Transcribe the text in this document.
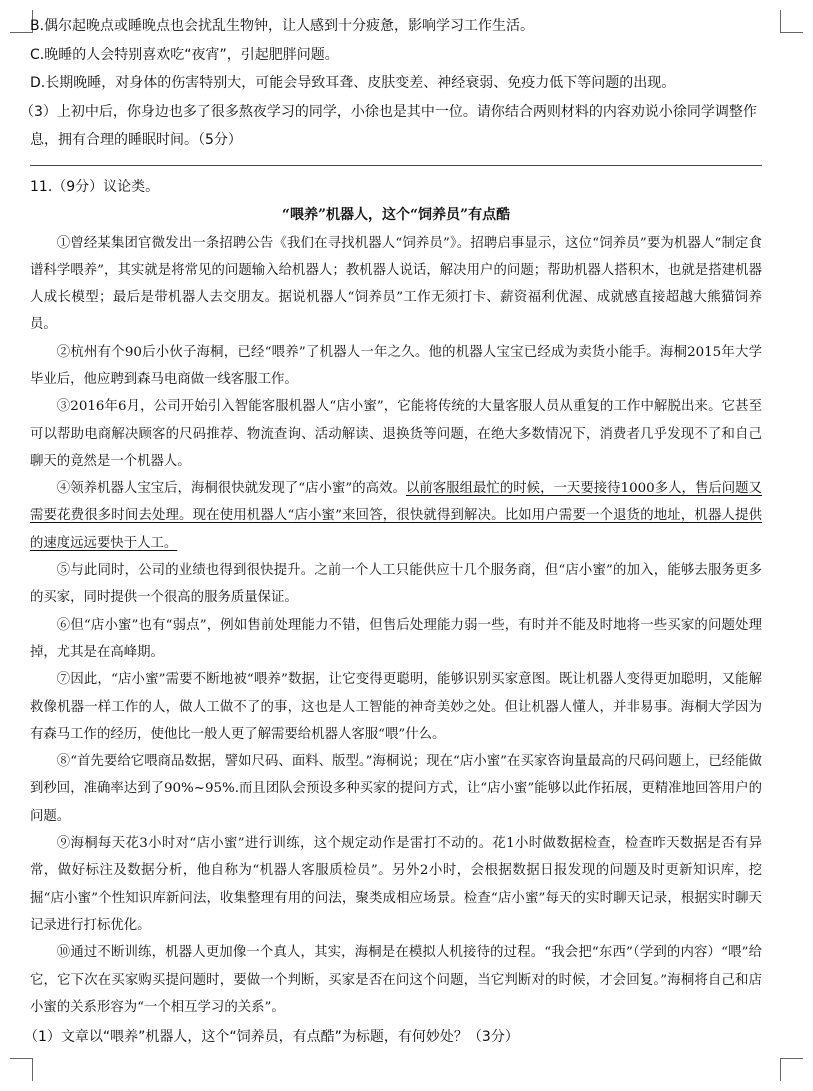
B.偶尔起晚点或睡晚点也会扰乱生物钟，让人感到十分疲惫，影响学习工作生活。

C.晚睡的人会特别喜欢吃“夜宵”，引起肥胖问题。

D.长期晚睡，对身体的伤害特别大，可能会导致耳聋、皮肤变差、神经衰弱、免疫力低下等问题的出现。

（3）上初中后，你身边也多了很多熬夜学习的同学，小徐也是其中一位。请你结合两则材料的内容劝说小徐同学调整作息，拥有合理的睡眠时间。（5分）

11.（9分）议论类。

“喂养”机器人，这个“饲养员”有点酷

①曾经某集团官微发出一条招聘公告《我们在寻找机器人“饲养员”》。招聘启事显示，这位“饲养员”要为机器人“制定食谱科学喂养”，其实就是将常见的问题输入给机器人；教机器人说话，解决用户的问题；帮助机器人搭积木，也就是搭建机器人成长模型；最后是带机器人去交朋友。据说机器人“饲养员”工作无须打卡、薪资福利优渥、成就感直接超越大熊猫饲养员。

②杭州有个90后小伙子海桐，已经“喂养”了机器人一年之久。他的机器人宝宝已经成为卖货小能手。海桐2015年大学毕业后，他应聘到森马电商做一线客服工作。

③2016年6月，公司开始引入智能客服机器人“店小蜜”，它能将传统的大量客服人员从重复的工作中解脱出来。它甚至可以帮助电商解决顾客的尺码推荐、物流查询、活动解读、退换货等问题，在绝大多数情况下，消费者几乎发现不了和自己聊天的竟然是一个机器人。

④领养机器人宝宝后，海桐很快就发现了“店小蜜”的高效。以前客服组最忙的时候，一天要接待1000多人，售后问题又需要花费很多时间去处理。现在使用机器人“店小蜜”来回答，很快就得到解决。比如用户需要一个退货的地址，机器人提供的速度远远要快于人工。

⑤与此同时，公司的业绩也得到很快提升。之前一个人工只能供应十几个服务商，但“店小蜜”的加入，能够去服务更多的买家，同时提供一个很高的服务质量保证。

⑥但“店小蜜”也有“弱点”，例如售前处理能力不错，但售后处理能力弱一些，有时并不能及时地将一些买家的问题处理掉，尤其是在高峰期。

⑦因此，“店小蜜”需要不断地被“喂养”数据，让它变得更聪明，能够识别买家意图。既让机器人变得更加聪明，又能解救像机器一样工作的人，做人工做不了的事，这也是人工智能的神奇美妙之处。但让机器人懂人，并非易事。海桐大学因为有森马工作的经历，使他比一般人更了解需要给机器人客服“喂”什么。

⑧“首先要给它喂商品数据，譬如尺码、面料、版型。”海桐说；现在“店小蜜”在买家咨询量最高的尺码问题上，已经能做到秒回，准确率达到了90%~95%.而且团队会预设多种买家的提问方式，让“店小蜜”能够以此作拓展，更精准地回答用户的问题。

⑨海桐每天花3小时对“店小蜜”进行训练，这个规定动作是雷打不动的。花1小时做数据检查，检查昨天数据是否有异常，做好标注及数据分析，他自称为“机器人客服质检员”。另外2小时，会根据数据日报发现的问题及时更新知识库，挖掘“店小蜜”个性知识库新问法，收集整理有用的问法，聚类成相应场景。检查“店小蜜”每天的实时聊天记录，根据实时聊天记录进行打标优化。

⑩通过不断训练，机器人更加像一个真人，其实，海桐是在模拟人机接待的过程。“我会把“东西”（学到的内容）“喂”给它，它下次在买家购买提问题时，要做一个判断，买家是否在问这个问题，当它判断对的时候，才会回复。”海桐将自己和店小蜜的关系形容为“一个相互学习的关系”。

（1）文章以“喂养”机器人，这个“饲养员，有点酷”为标题，有何妙处？（3分）
